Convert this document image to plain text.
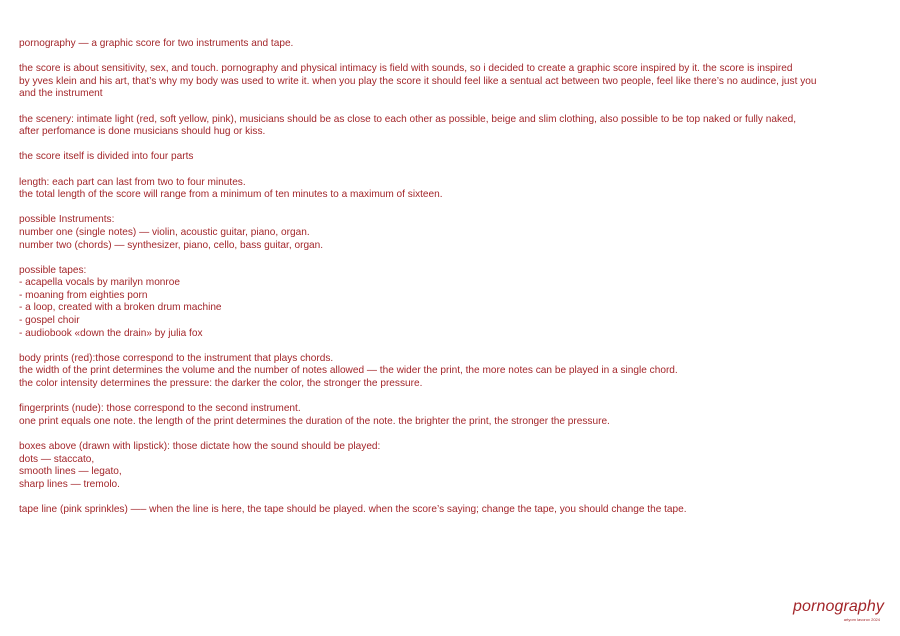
pornography — a graphic score for two instruments and tape.
the score is about sensitivity, sex, and touch. pornography and physical intimacy is field with sounds, so i decided to create a graphic score inspired by it. the score is inspired
by yves klein and his art, that’s why my body was used to write it. when you play the score it should feel like a sentual act between two people, feel like there’s no audince, just you
and the instrument
the scenery: intimate light (red, soft yellow, pink), musicians should be as close to each other as possible, beige and slim clothing, also possible to be top naked or fully naked,
after perfomance is done musicians should hug or kiss.
the score itself is divided into four parts
length: each part can last from two to four minutes.
the total length of the score will range from a minimum of ten minutes to a maximum of sixteen.
possible Instruments:
number one (single notes) — violin, acoustic guitar, piano, organ.
number two (chords) — synthesizer, piano, cello, bass guitar, organ.
possible tapes:
- acapella vocals by marilyn monroe
- moaning from eighties porn
- a loop, created with a broken drum machine
- gospel choir
- audiobook «down the drain» by julia fox
body prints (red):those correspond to the instrument that plays chords.
the width of the print determines the volume and the number of notes allowed — the wider the print, the more notes can be played in a single chord.
the color intensity determines the pressure: the darker the color, the stronger the pressure.
fingerprints (nude): those correspond to the second instrument.
one print equals one note. the length of the print determines the duration of the note. the brighter the print, the stronger the pressure.
boxes above (drawn with lipstick): those dictate how the sound should be played:
dots — staccato,
smooth lines — legato,
sharp lines — tremolo.
tape line (pink sprinkles) —– when the line is here, the tape should be played. when the score’s saying; change the tape, you should change the tape.
pornography
artyom lavorov 2024
